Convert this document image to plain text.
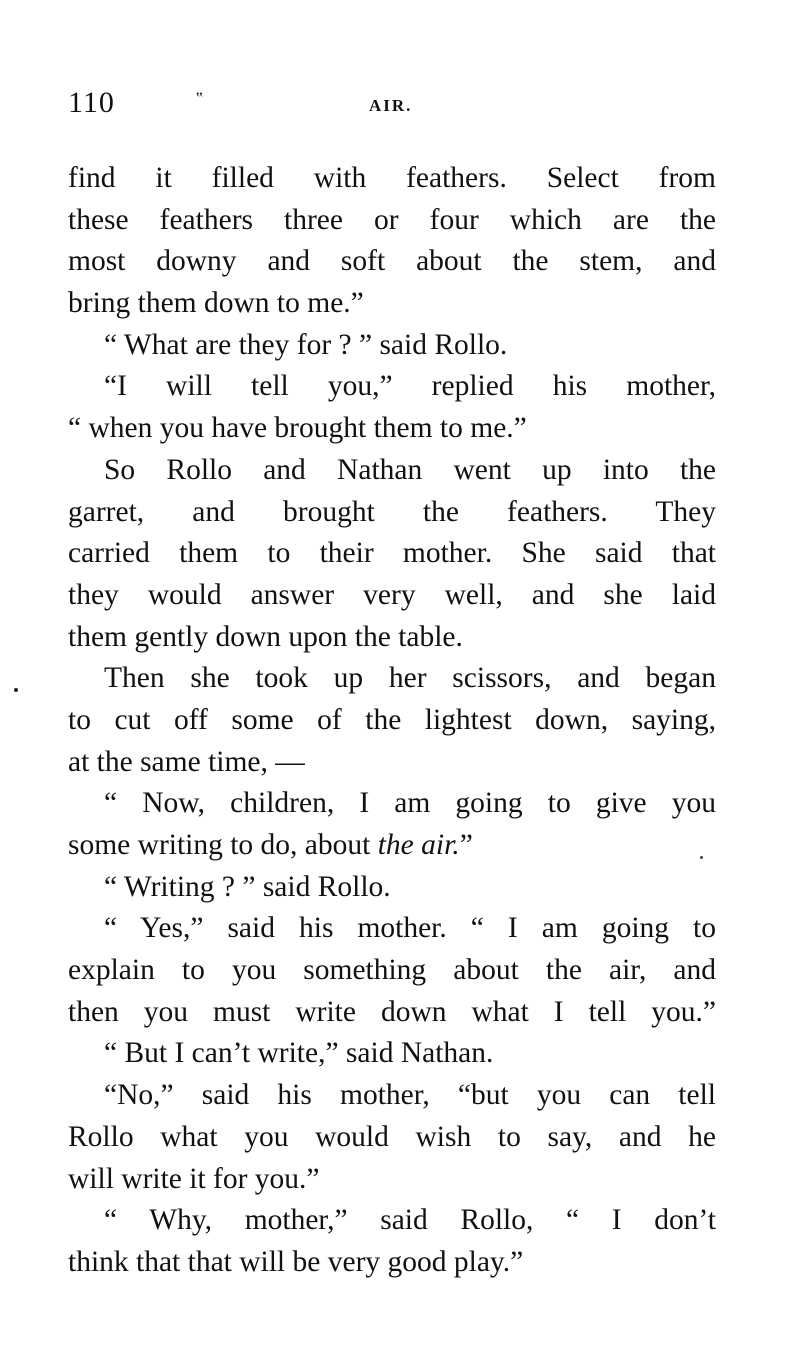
110	‟	AIR.
find it filled with feathers. Select from
these feathers three or four which are the
most downy and soft about the stem, and
bring them down to me.”
“ What are they for ? ” said Rollo.
“I will tell you,” replied his mother,
“ when you have brought them to me.”
So Rollo and Nathan went up into the
garret, and brought the feathers. They
carried them to their mother. She said that
they would answer very well, and she laid
them gently down upon the table.
Then she took up her scissors, and began
to cut off some of the lightest down, saying,
at the same time, —
“ Now, children, I am going to give you
some writing to do, about the air.”
“ Writing ? ” said Rollo.
“ Yes,” said his mother. “ I am going to
explain to you something about the air, and
then you must write down what I tell you.”
“ But I can’t write,” said Nathan.
“No,” said his mother, “but you can tell
Rollo what you would wish to say, and he
will write it for you.”
“ Why, mother,” said Rollo, “ I don’t
think that that will be very good play.”
